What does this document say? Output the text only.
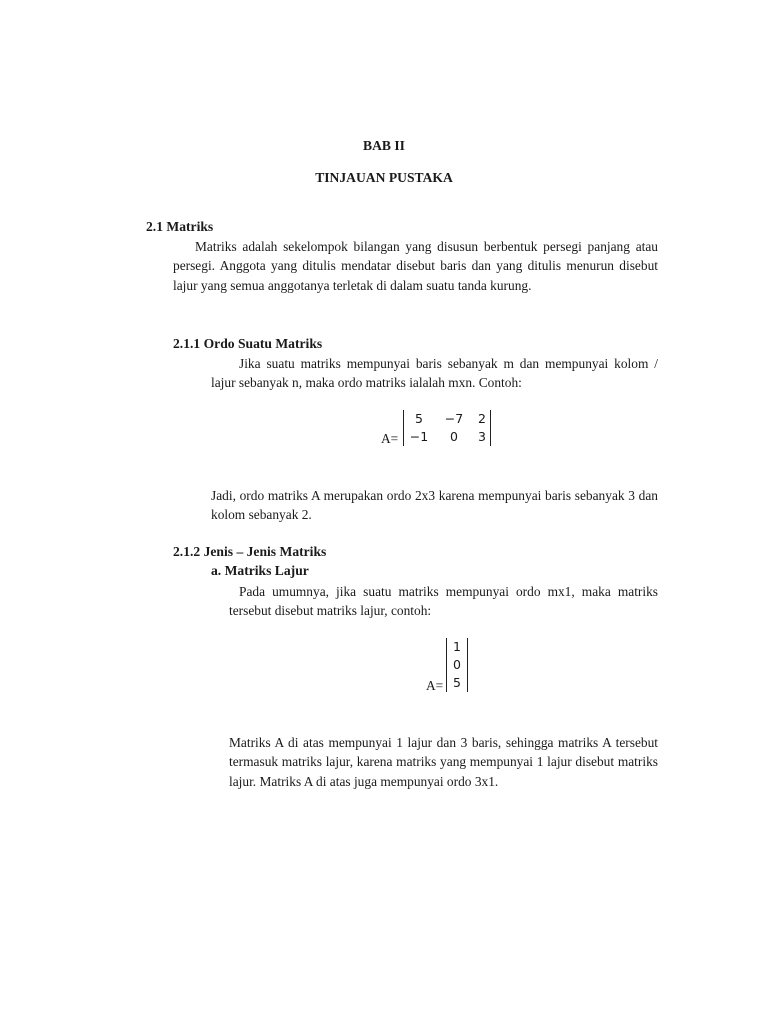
BAB II
TINJAUAN PUSTAKA
2.1 Matriks
Matriks adalah sekelompok bilangan yang disusun berbentuk persegi panjang atau persegi. Anggota yang ditulis mendatar disebut baris dan yang ditulis menurun disebut lajur yang semua anggotanya terletak di dalam suatu tanda kurung.
2.1.1 Ordo Suatu Matriks
Jika suatu matriks mempunyai baris sebanyak m dan mempunyai kolom / lajur sebanyak n, maka ordo matriks ialalah mxn. Contoh:
A=
5	−7	2
−1	0	3
Jadi, ordo matriks A merupakan ordo 2x3 karena mempunyai baris sebanyak 3 dan kolom sebanyak 2.
2.1.2 Jenis – Jenis Matriks
a. Matriks Lajur
Pada umumnya, jika suatu matriks mempunyai ordo mx1, maka matriks tersebut disebut matriks lajur, contoh:
A=
1
0
5
Matriks A di atas mempunyai 1 lajur dan 3 baris, sehingga matriks A tersebut termasuk matriks lajur, karena matriks yang mempunyai 1 lajur disebut matriks lajur. Matriks A di atas juga mempunyai ordo 3x1.
